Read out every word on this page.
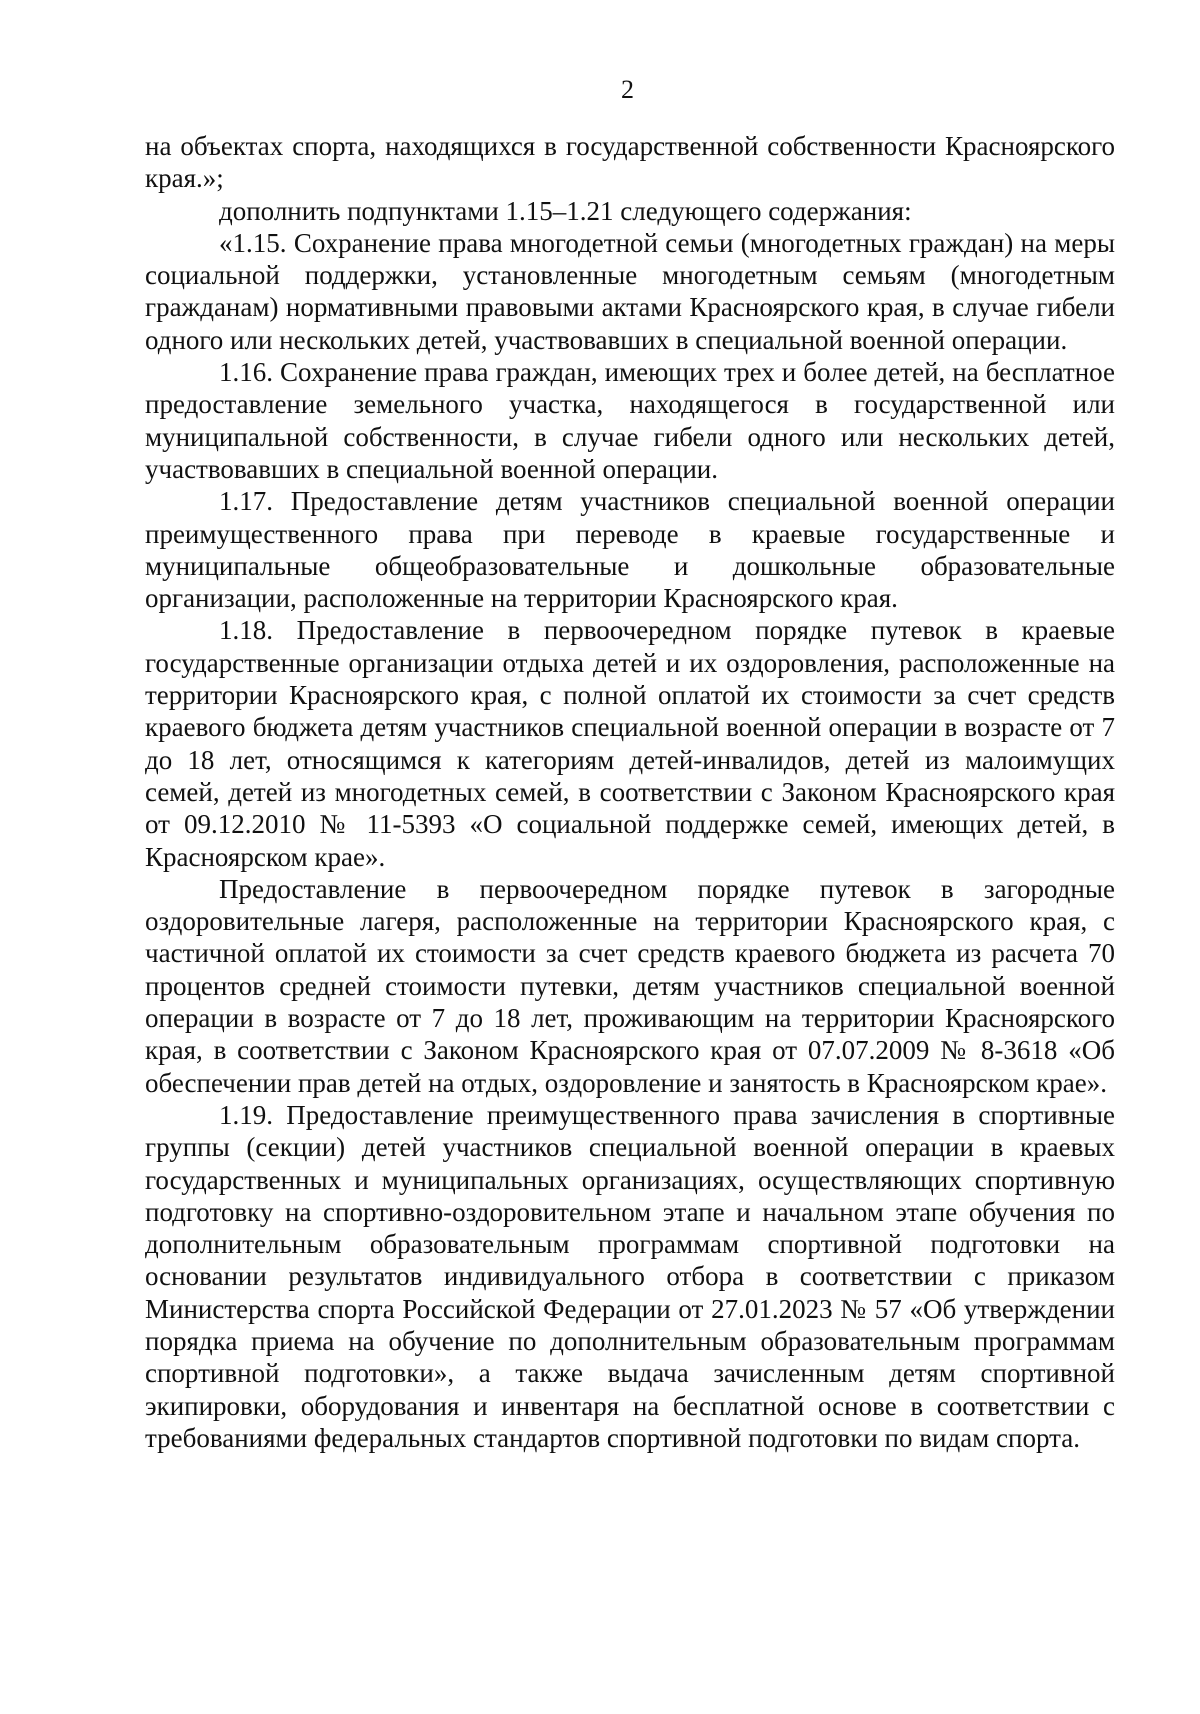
2

на объектах спорта, находящихся в государственной собственности Красноярского края.»;

дополнить подпунктами 1.15–1.21 следующего содержания:

«1.15. Сохранение права многодетной семьи (многодетных граждан) на меры социальной поддержки, установленные многодетным семьям (многодетным гражданам) нормативными правовыми актами Красноярского края, в случае гибели одного или нескольких детей, участвовавших в специальной военной операции.

1.16. Сохранение права граждан, имеющих трех и более детей, на бесплатное предоставление земельного участка, находящегося в государственной или муниципальной собственности, в случае гибели одного или нескольких детей, участвовавших в специальной военной операции.

1.17. Предоставление детям участников специальной военной операции преимущественного права при переводе в краевые государственные и муниципальные общеобразовательные и дошкольные образовательные организации, расположенные на территории Красноярского края.

1.18. Предоставление в первоочередном порядке путевок в краевые государственные организации отдыха детей и их оздоровления, расположенные на территории Красноярского края, с полной оплатой их стоимости за счет средств краевого бюджета детям участников специальной военной операции в возрасте от 7 до 18 лет, относящимся к категориям детей-инвалидов, детей из малоимущих семей, детей из многодетных семей, в соответствии с Законом Красноярского края от 09.12.2010 № 11-5393 «О социальной поддержке семей, имеющих детей, в Красноярском крае».

Предоставление в первоочередном порядке путевок в загородные оздоровительные лагеря, расположенные на территории Красноярского края, с частичной оплатой их стоимости за счет средств краевого бюджета из расчета 70 процентов средней стоимости путевки, детям участников специальной военной операции в возрасте от 7 до 18 лет, проживающим на территории Красноярского края, в соответствии с Законом Красноярского края от 07.07.2009 № 8-3618 «Об обеспечении прав детей на отдых, оздоровление и занятость в Красноярском крае».

1.19. Предоставление преимущественного права зачисления в спортивные группы (секции) детей участников специальной военной операции в краевых государственных и муниципальных организациях, осуществляющих спортивную подготовку на спортивно-оздоровительном этапе и начальном этапе обучения по дополнительным образовательным программам спортивной подготовки на основании результатов индивидуального отбора в соответствии с приказом Министерства спорта Российской Федерации от 27.01.2023 № 57 «Об утверждении порядка приема на обучение по дополнительным образовательным программам спортивной подготовки», а также выдача зачисленным детям спортивной экипировки, оборудования и инвентаря на бесплатной основе в соответствии с требованиями федеральных стандартов спортивной подготовки по видам спорта.
